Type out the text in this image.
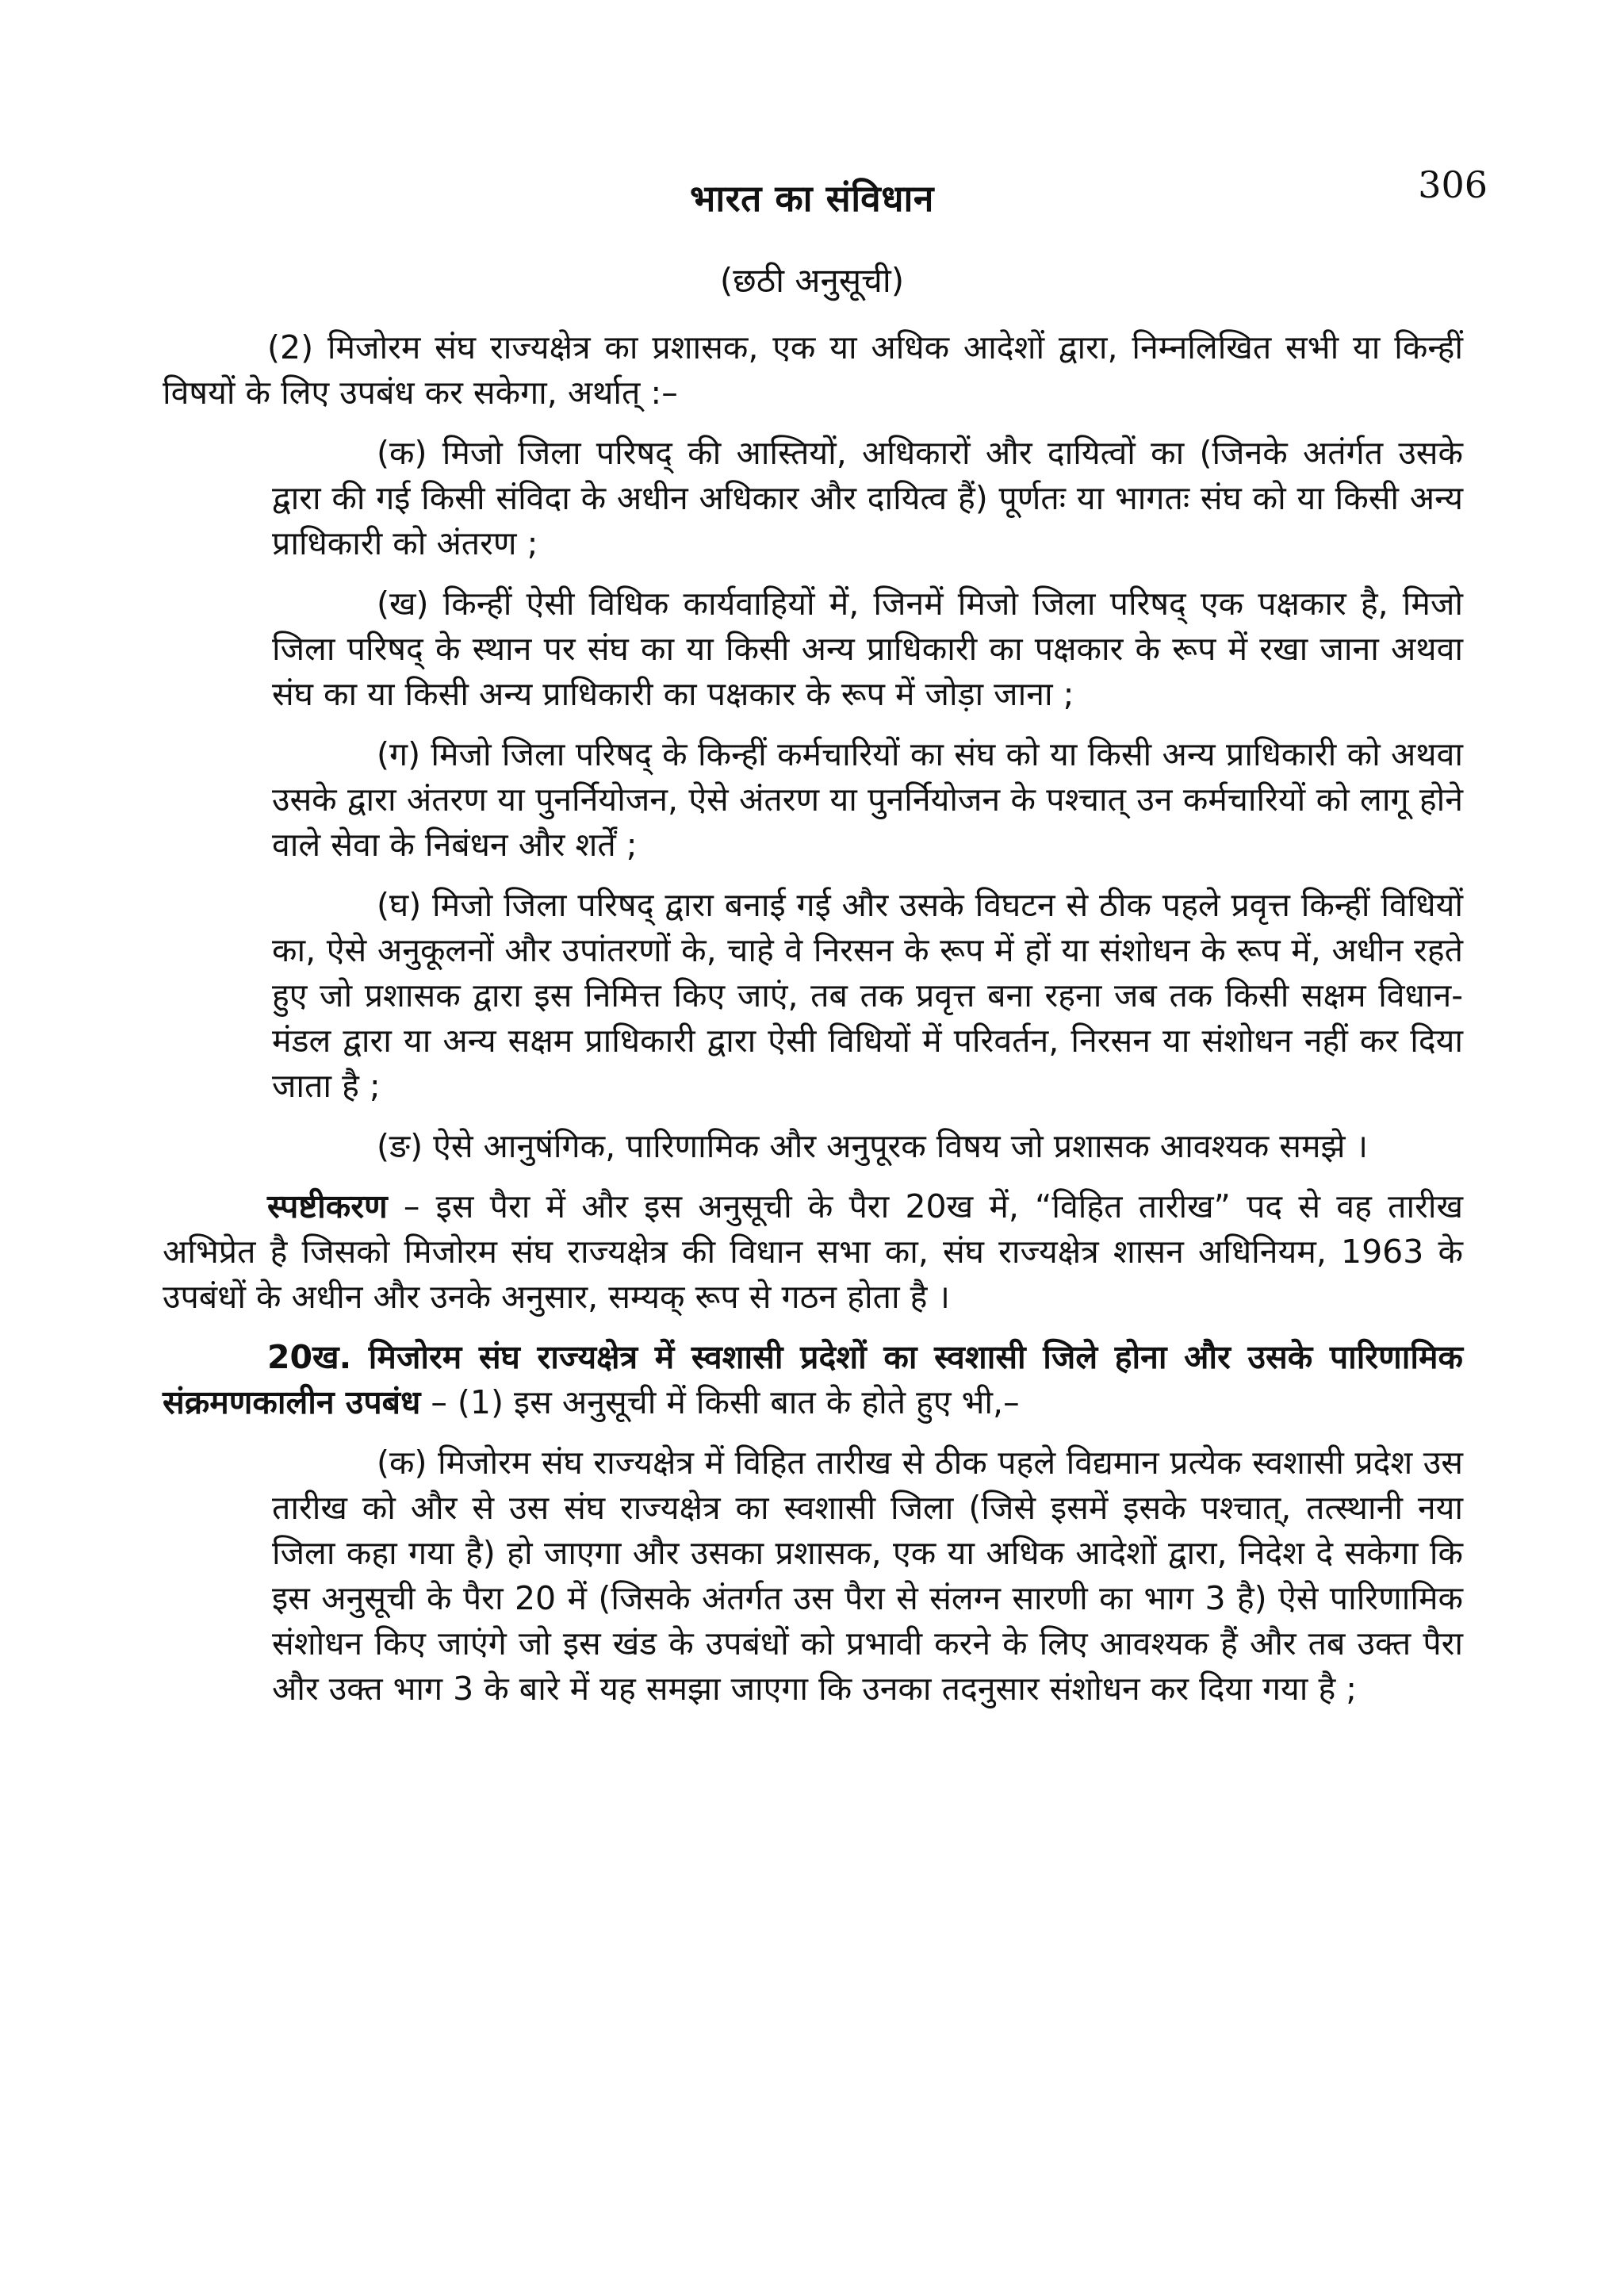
भारत का संविधान	306
(छठी अनुसूची)

(2) मिजोरम संघ राज्यक्षेत्र का प्रशासक, एक या अधिक आदेशों द्वारा, निम्नलिखित सभी या किन्हीं विषयों के लिए उपबंध कर सकेगा, अर्थात् :–

(क) मिजो जिला परिषद् की आस्तियों, अधिकारों और दायित्वों का (जिनके अतंर्गत उसके द्वारा की गई किसी संविदा के अधीन अधिकार और दायित्व हैं) पूर्णतः या भागतः संघ को या किसी अन्य प्राधिकारी को अंतरण ;

(ख) किन्हीं ऐसी विधिक कार्यवाहियों में, जिनमें मिजो जिला परिषद् एक पक्षकार है, मिजो जिला परिषद् के स्थान पर संघ का या किसी अन्य प्राधिकारी का पक्षकार के रूप में रखा जाना अथवा संघ का या किसी अन्य प्राधिकारी का पक्षकार के रूप में जोड़ा जाना ;

(ग) मिजो जिला परिषद् के किन्हीं कर्मचारियों का संघ को या किसी अन्य प्राधिकारी को अथवा उसके द्वारा अंतरण या पुनर्नियोजन, ऐसे अंतरण या पुनर्नियोजन के पश्चात् उन कर्मचारियों को लागू होने वाले सेवा के निबंधन और शर्तें ;

(घ) मिजो जिला परिषद् द्वारा बनाई गई और उसके विघटन से ठीक पहले प्रवृत्त किन्हीं विधियों का, ऐसे अनुकूलनों और उपांतरणों के, चाहे वे निरसन के रूप में हों या संशोधन के रूप में, अधीन रहते हुए जो प्रशासक द्वारा इस निमित्त किए जाएं, तब तक प्रवृत्त बना रहना जब तक किसी सक्षम विधान-मंडल द्वारा या अन्य सक्षम प्राधिकारी द्वारा ऐसी विधियों में परिवर्तन, निरसन या संशोधन नहीं कर दिया जाता है ;

(ङ) ऐसे आनुषंगिक, पारिणामिक और अनुपूरक विषय जो प्रशासक आवश्यक समझे ।

स्पष्टीकरण – इस पैरा में और इस अनुसूची के पैरा 20ख में, “विहित तारीख” पद से वह तारीख अभिप्रेत है जिसको मिजोरम संघ राज्यक्षेत्र की विधान सभा का, संघ राज्यक्षेत्र शासन अधिनियम, 1963 के उपबंधों के अधीन और उनके अनुसार, सम्यक् रूप से गठन होता है ।

20ख. मिजोरम संघ राज्यक्षेत्र में स्वशासी प्रदेशों का स्वशासी जिले होना और उसके पारिणामिक संक्रमणकालीन उपबंध – (1) इस अनुसूची में किसी बात के होते हुए भी,–

(क) मिजोरम संघ राज्यक्षेत्र में विहित तारीख से ठीक पहले विद्यमान प्रत्येक स्वशासी प्रदेश उस तारीख को और से उस संघ राज्यक्षेत्र का स्वशासी जिला (जिसे इसमें इसके पश्चात्, तत्स्थानी नया जिला कहा गया है) हो जाएगा और उसका प्रशासक, एक या अधिक आदेशों द्वारा, निदेश दे सकेगा कि इस अनुसूची के पैरा 20 में (जिसके अंतर्गत उस पैरा से संलग्न सारणी का भाग 3 है) ऐसे पारिणामिक संशोधन किए जाएंगे जो इस खंड के उपबंधों को प्रभावी करने के लिए आवश्यक हैं और तब उक्त पैरा और उक्त भाग 3 के बारे में यह समझा जाएगा कि उनका तदनुसार संशोधन कर दिया गया है ;
